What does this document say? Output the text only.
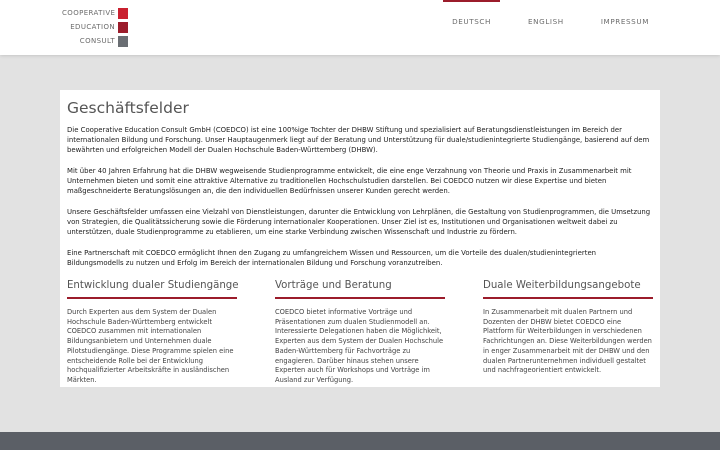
COOPERATIVE
EDUCATION
CONSULT
DEUTSCH	ENGLISH	IMPRESSUM
Geschäftsfelder

Die Cooperative Education Consult GmbH (COEDCO) ist eine 100%ige Tochter der DHBW Stiftung und spezialisiert auf Beratungsdienstleistungen im Bereich der internationalen Bildung und Forschung. Unser Hauptaugenmerk liegt auf der Beratung und Unterstützung für duale/studienintegrierte Studiengänge, basierend auf dem bewährten und erfolgreichen Modell der Dualen Hochschule Baden-Württemberg (DHBW).

Mit über 40 Jahren Erfahrung hat die DHBW wegweisende Studienprogramme entwickelt, die eine enge Verzahnung von Theorie und Praxis in Zusammenarbeit mit Unternehmen bieten und somit eine attraktive Alternative zu traditionellen Hochschulstudien darstellen. Bei COEDCO nutzen wir diese Expertise und bieten maßgeschneiderte Beratungslösungen an, die den individuellen Bedürfnissen unserer Kunden gerecht werden.

Unsere Geschäftsfelder umfassen eine Vielzahl von Dienstleistungen, darunter die Entwicklung von Lehrplänen, die Gestaltung von Studienprogrammen, die Umsetzung von Strategien, die Qualitätssicherung sowie die Förderung internationaler Kooperationen. Unser Ziel ist es, Institutionen und Organisationen weltweit dabei zu unterstützen, duale Studienprogramme zu etablieren, um eine starke Verbindung zwischen Wissenschaft und Industrie zu fördern.

Eine Partnerschaft mit COEDCO ermöglicht Ihnen den Zugang zu umfangreichem Wissen und Ressourcen, um die Vorteile des dualen/studienintegrierten Bildungsmodells zu nutzen und Erfolg im Bereich der internationalen Bildung und Forschung voranzutreiben.

Entwicklung dualer Studiengänge

Durch Experten aus dem System der Dualen Hochschule Baden-Württemberg entwickelt COEDCO zusammen mit internationalen Bildungsanbietern und Unternehmen duale Pilotstudiengänge. Diese Programme spielen eine entscheidende Rolle bei der Entwicklung hochqualifizierter Arbeitskräfte in ausländischen Märkten.

Vorträge und Beratung

COEDCO bietet informative Vorträge und Präsentationen zum dualen Studienmodell an. Interessierte Delegationen haben die Möglichkeit, Experten aus dem System der Dualen Hochschule Baden-Württemberg für Fachvorträge zu engagieren. Darüber hinaus stehen unsere Experten auch für Workshops und Vorträge im Ausland zur Verfügung.

Duale Weiterbildungsangebote

In Zusammenarbeit mit dualen Partnern und Dozenten der DHBW bietet COEDCO eine Plattform für Weiterbildungen in verschiedenen Fachrichtungen an. Diese Weiterbildungen werden in enger Zusammenarbeit mit der DHBW und den dualen Partnerunternehmen individuell gestaltet und nachfrageorientiert entwickelt.
